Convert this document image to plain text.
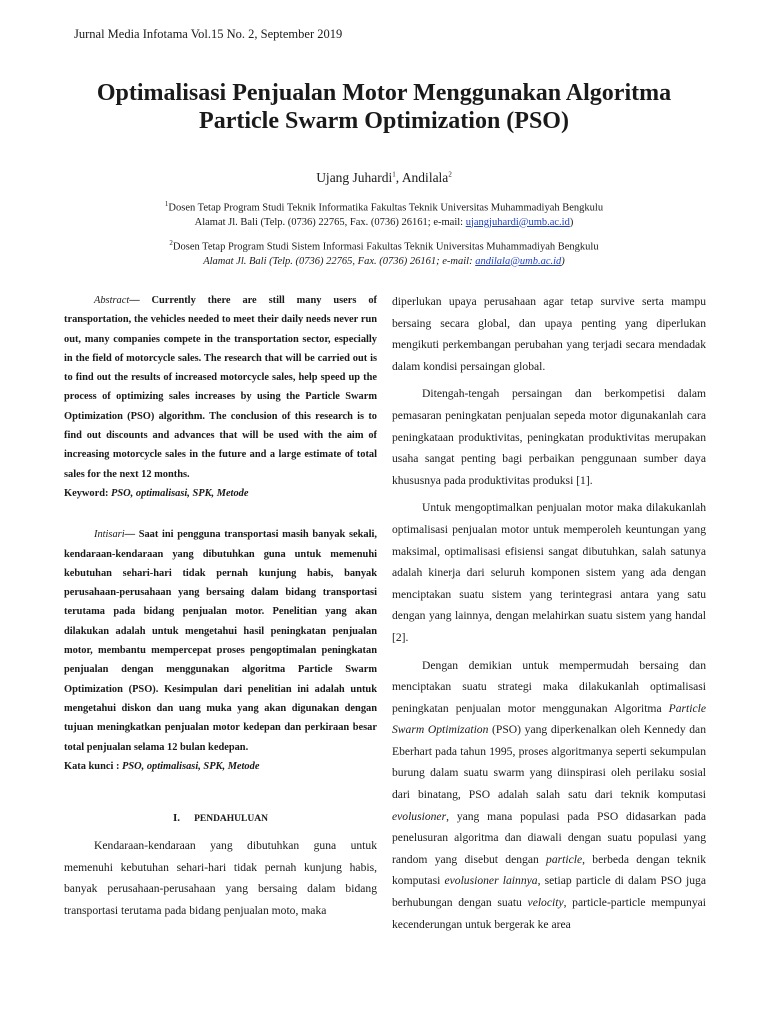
Jurnal Media Infotama Vol.15 No. 2, September 2019
Optimalisasi Penjualan Motor Menggunakan Algoritma
Particle Swarm Optimization (PSO)
Ujang Juhardi$^1$, Andilala$^2$
$^1$Dosen Tetap Program Studi Teknik Informatika Fakultas Teknik Universitas Muhammadiyah Bengkulu
Alamat Jl. Bali (Telp. (0736) 22765, Fax. (0736) 26161; e-mail: ujangjuhardi@umb.ac.id)
$^2$Dosen Tetap Program Studi Sistem Informasi Fakultas Teknik Universitas Muhammadiyah Bengkulu
Alamat Jl. Bali (Telp. (0736) 22765, Fax. (0736) 26161; e-mail: andilala@umb.ac.id)

Abstract— Currently there are still many users of transportation, the vehicles needed to meet their daily needs never run out, many companies compete in the transportation sector, especially in the field of motorcycle sales. The research that will be carried out is to find out the results of increased motorcycle sales, help speed up the process of optimizing sales increases by using the Particle Swarm Optimization (PSO) algorithm. The conclusion of this research is to find out discounts and advances that will be used with the aim of increasing motorcycle sales in the future and a large estimate of total sales for the next 12 months.

Keyword: PSO, optimalisasi, SPK, Metode

Intisari— Saat ini pengguna transportasi masih banyak sekali, kendaraan-kendaraan yang dibutuhkan guna untuk memenuhi kebutuhan sehari-hari tidak pernah kunjung habis, banyak perusahaan-perusahaan yang bersaing dalam bidang transportasi terutama pada bidang penjualan motor. Penelitian yang akan dilakukan adalah untuk mengetahui hasil peningkatan penjualan motor, membantu mempercepat proses pengoptimalan peningkatan penjualan dengan menggunakan algoritma Particle Swarm Optimization (PSO). Kesimpulan dari penelitian ini adalah untuk mengetahui diskon dan uang muka yang akan digunakan dengan tujuan meningkatkan penjualan motor kedepan dan perkiraan besar total penjualan selama 12 bulan kedepan.

Kata kunci : PSO, optimalisasi, SPK, Metode

I. PENDAHULUAN

Kendaraan-kendaraan yang dibutuhkan guna untuk memenuhi kebutuhan sehari-hari tidak pernah kunjung habis, banyak perusahaan-perusahaan yang bersaing dalam bidang transportasi terutama pada bidang penjualan moto, maka

diperlukan upaya perusahaan agar tetap survive serta mampu bersaing secara global, dan upaya penting yang diperlukan mengikuti perkembangan perubahan yang terjadi secara mendadak dalam kondisi persaingan global.

Ditengah-tengah persaingan dan berkompetisi dalam pemasaran peningkatan penjualan sepeda motor digunakanlah cara peningkataan produktivitas, peningkatan produktivitas merupakan usaha sangat penting bagi perbaikan penggunaan sumber daya khususnya pada produktivitas produksi [1].

Untuk mengoptimalkan penjualan motor maka dilakukanlah optimalisasi penjualan motor untuk memperoleh keuntungan yang maksimal, optimalisasi efisiensi sangat dibutuhkan, salah satunya adalah kinerja dari seluruh komponen sistem yang ada dengan menciptakan suatu sistem yang terintegrasi antara yang satu dengan yang lainnya, dengan melahirkan suatu sistem yang handal [2].

Dengan demikian untuk mempermudah bersaing dan menciptakan suatu strategi maka dilakukanlah optimalisasi peningkatan penjualan motor menggunakan Algoritma Particle Swarm Optimization (PSO) yang diperkenalkan oleh Kennedy dan Eberhart pada tahun 1995, proses algoritmanya seperti sekumpulan burung dalam suatu swarm yang diinspirasi oleh perilaku sosial dari binatang, PSO adalah salah satu dari teknik komputasi evolusioner, yang mana populasi pada PSO didasarkan pada penelusuran algoritma dan diawali dengan suatu populasi yang random yang disebut dengan particle, berbeda dengan teknik komputasi evolusioner lainnya, setiap particle di dalam PSO juga berhubungan dengan suatu velocity, particle-particle mempunyai kecenderungan untuk bergerak ke area
